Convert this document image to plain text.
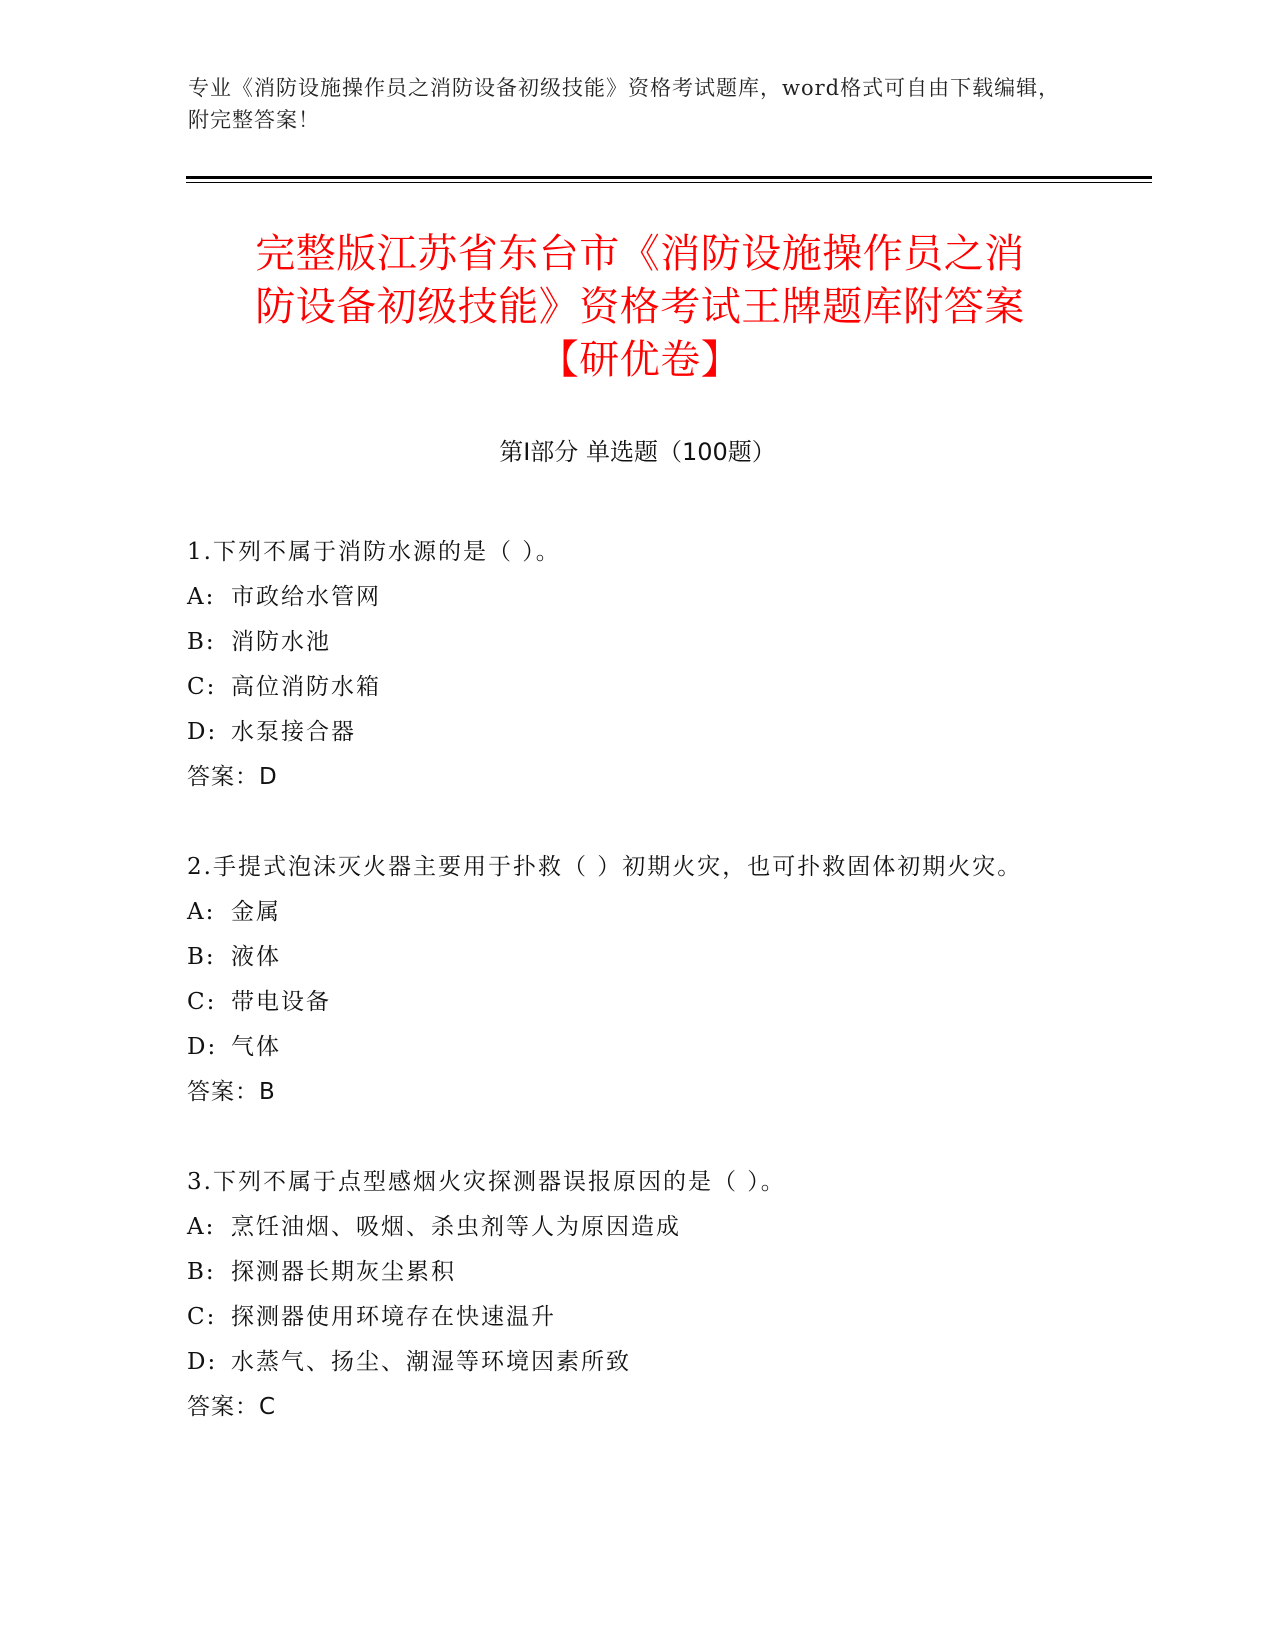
专业《消防设施操作员之消防设备初级技能》资格考试题库，word格式可自由下载编辑，附完整答案！
完整版江苏省东台市《消防设施操作员之消
防设备初级技能》资格考试王牌题库附答案
【研优卷】
第Ⅰ部分 单选题（100题）
1.下列不属于消防水源的是（ ）。
A: 市政给水管网
B: 消防水池
C: 高位消防水箱
D: 水泵接合器
答案：D
2.手提式泡沫灭火器主要用于扑救（ ）初期火灾，也可扑救固体初期火灾。
A: 金属
B: 液体
C: 带电设备
D: 气体
答案：B
3.下列不属于点型感烟火灾探测器误报原因的是（ ）。
A: 烹饪油烟、吸烟、杀虫剂等人为原因造成
B: 探测器长期灰尘累积
C: 探测器使用环境存在快速温升
D: 水蒸气、扬尘、潮湿等环境因素所致
答案：C
